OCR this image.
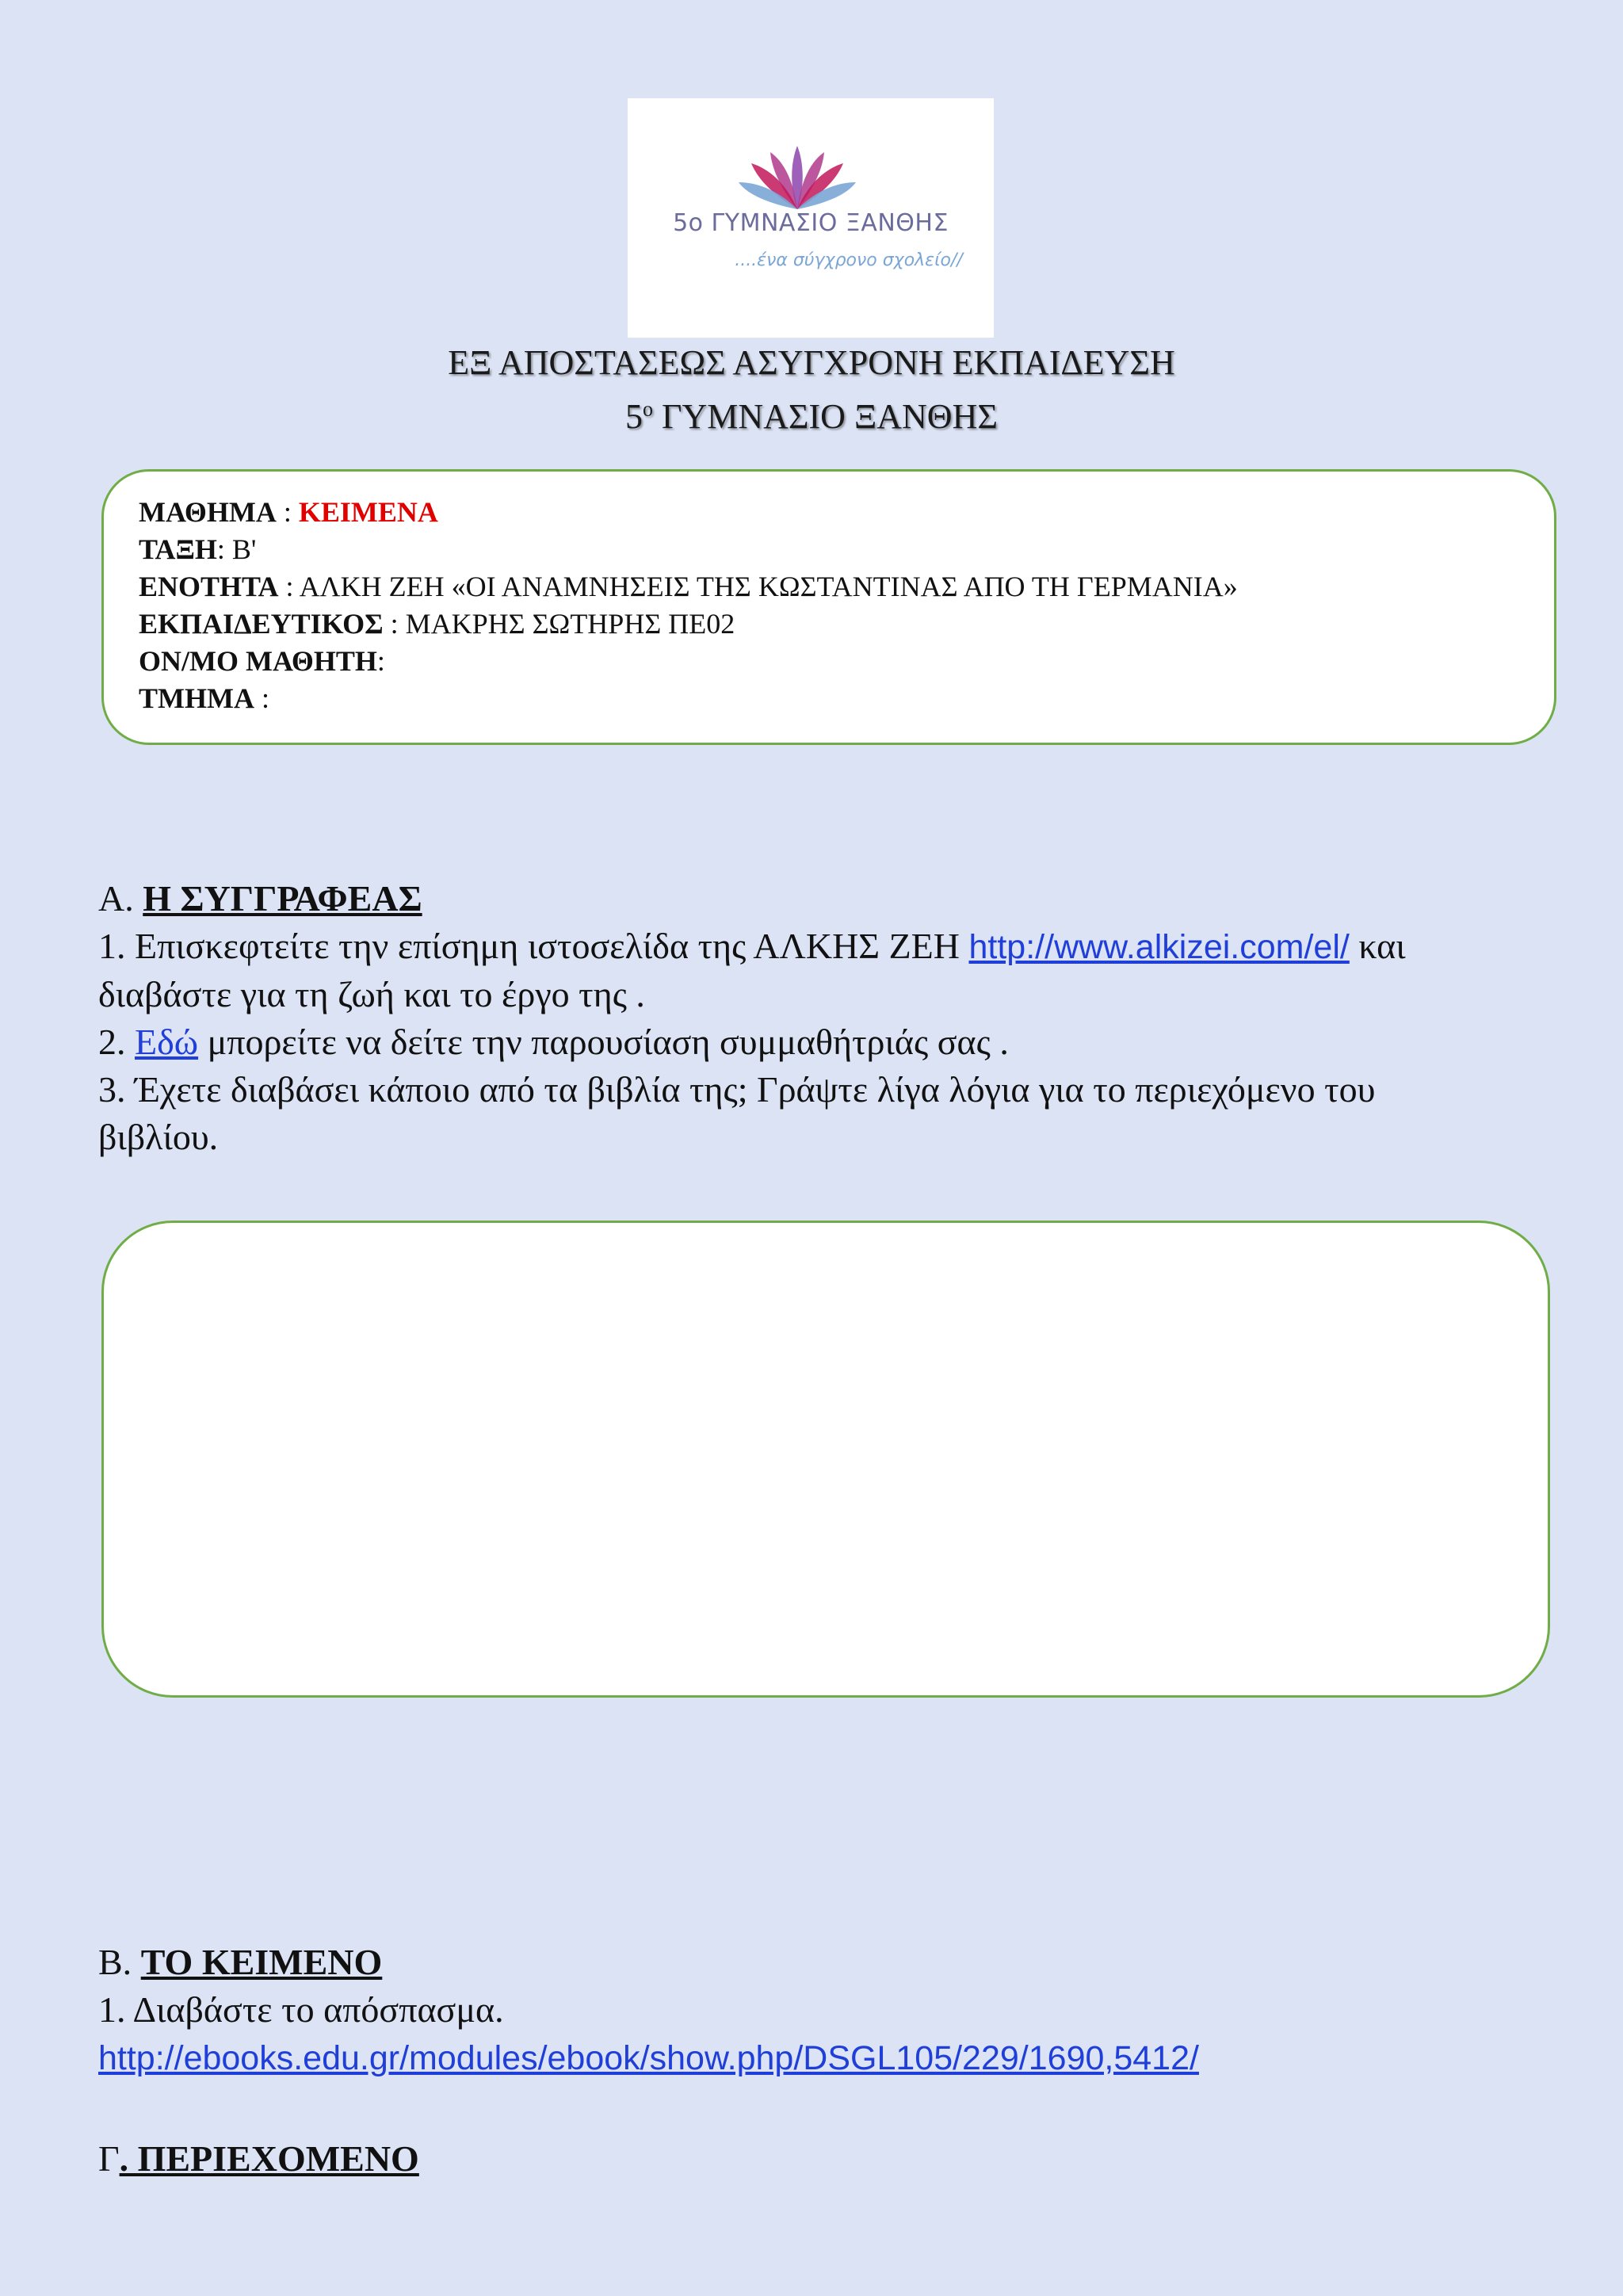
5ο ΓΥΜΝΑΣΙΟ ΞΑΝΘΗΣ
....ένα σύγχρονο σχολείο//
ΕΞ ΑΠΟΣΤΑΣΕΩΣ ΑΣΥΓΧΡΟΝΗ ΕΚΠΑΙΔΕΥΣΗ
$5^o$ ΓΥΜΝΑΣΙΟ ΞΑΝΘΗΣ
ΜΑΘΗΜΑ : ΚΕΙΜΕΝΑ
ΤΑΞΗ: Β'
ΕΝΟΤΗΤΑ : ΑΛΚΗ ΖΕΗ «ΟΙ ΑΝΑΜΝΗΣΕΙΣ ΤΗΣ ΚΩΣΤΑΝΤΙΝΑΣ ΑΠΟ ΤΗ ΓΕΡΜΑΝΙΑ»
ΕΚΠΑΙΔΕΥΤΙΚΟΣ : ΜΑΚΡΗΣ ΣΩΤΗΡΗΣ ΠΕ02
ΟΝ/ΜΟ ΜΑΘΗΤΗ:
ΤΜΗΜΑ :
Α. Η ΣΥΓΓΡΑΦΕΑΣ
1. Επισκεφτείτε την επίσημη ιστοσελίδα της ΑΛΚΗΣ ΖΕΗ http://www.alkizei.com/el/ και
διαβάστε για τη ζωή και το έργο της .
2. Εδώ μπορείτε να δείτε την παρουσίαση συμμαθήτριάς σας .
3. Έχετε διαβάσει κάποιο από τα βιβλία της; Γράψτε λίγα λόγια για το περιεχόμενο του
βιβλίου.
Β. ΤΟ ΚΕΙΜΕΝΟ
1. Διαβάστε το απόσπασμα.
http://ebooks.edu.gr/modules/ebook/show.php/DSGL105/229/1690,5412/
Γ. ΠΕΡΙΕΧΟΜΕΝΟ
